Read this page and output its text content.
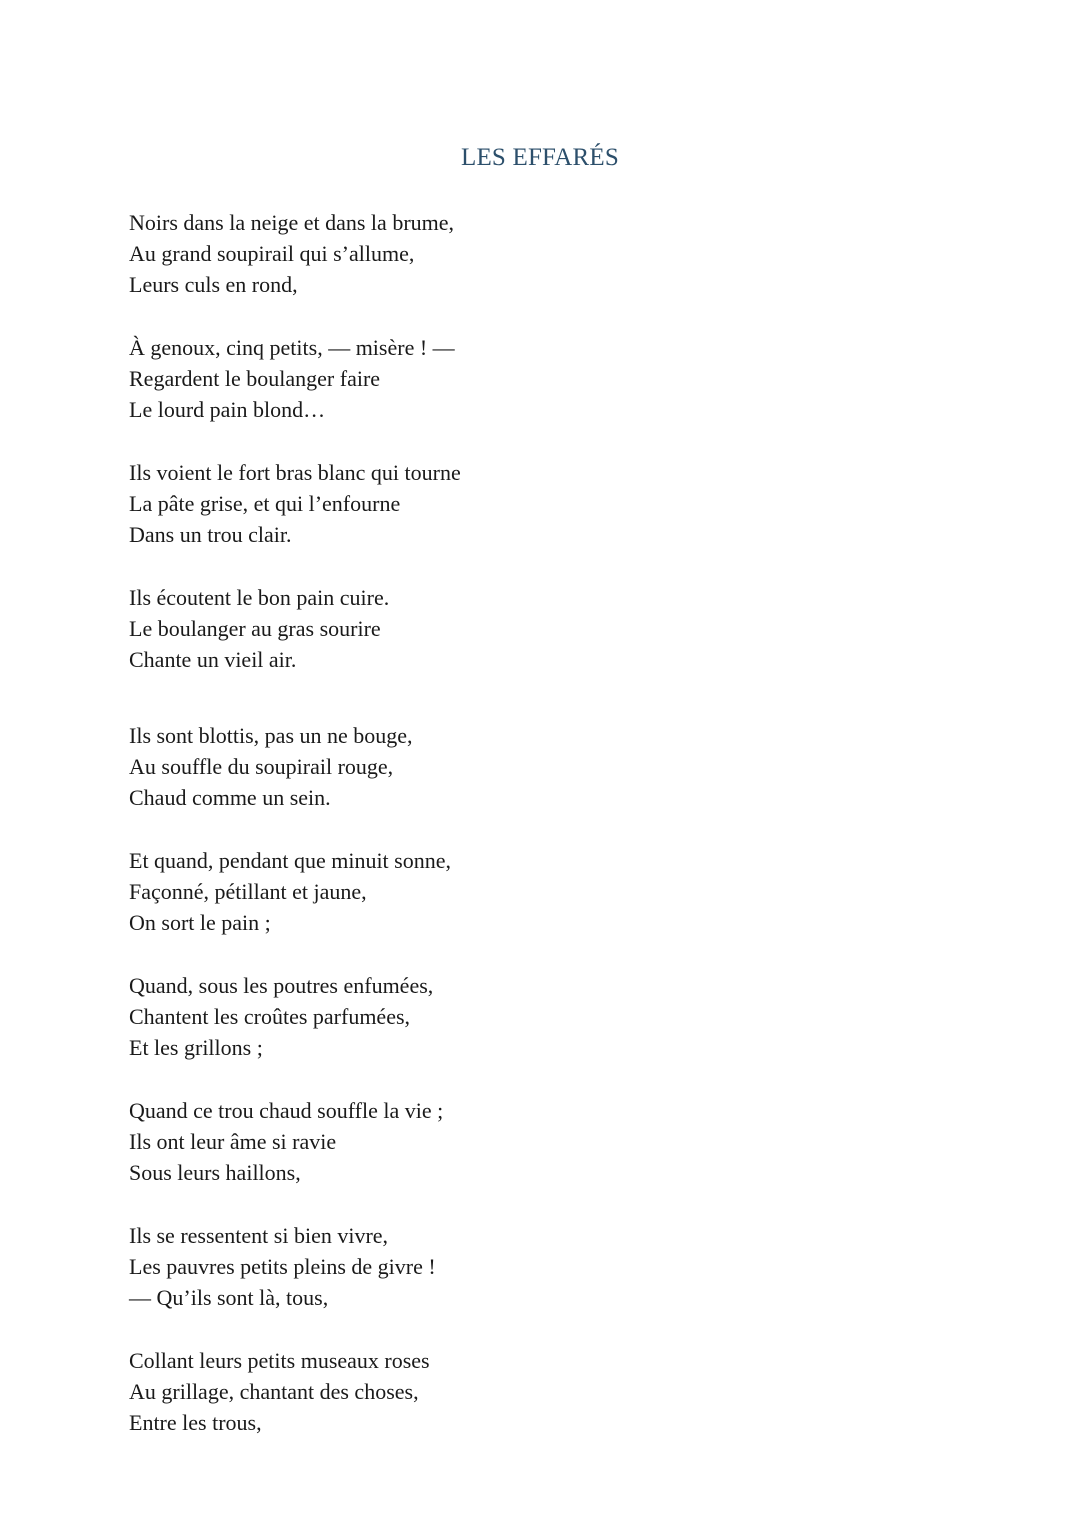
LES EFFARÉS
Noirs dans la neige et dans la brume,
Au grand soupirail qui s’allume,
Leurs culs en rond,
À genoux, cinq petits, — misère ! —
Regardent le boulanger faire
Le lourd pain blond…
Ils voient le fort bras blanc qui tourne
La pâte grise, et qui l’enfourne
Dans un trou clair.
Ils écoutent le bon pain cuire.
Le boulanger au gras sourire
Chante un vieil air.
Ils sont blottis, pas un ne bouge,
Au souffle du soupirail rouge,
Chaud comme un sein.
Et quand, pendant que minuit sonne,
Façonné, pétillant et jaune,
On sort le pain ;
Quand, sous les poutres enfumées,
Chantent les croûtes parfumées,
Et les grillons ;
Quand ce trou chaud souffle la vie ;
Ils ont leur âme si ravie
Sous leurs haillons,
Ils se ressentent si bien vivre,
Les pauvres petits pleins de givre !
— Qu’ils sont là, tous,
Collant leurs petits museaux roses
Au grillage, chantant des choses,
Entre les trous,
